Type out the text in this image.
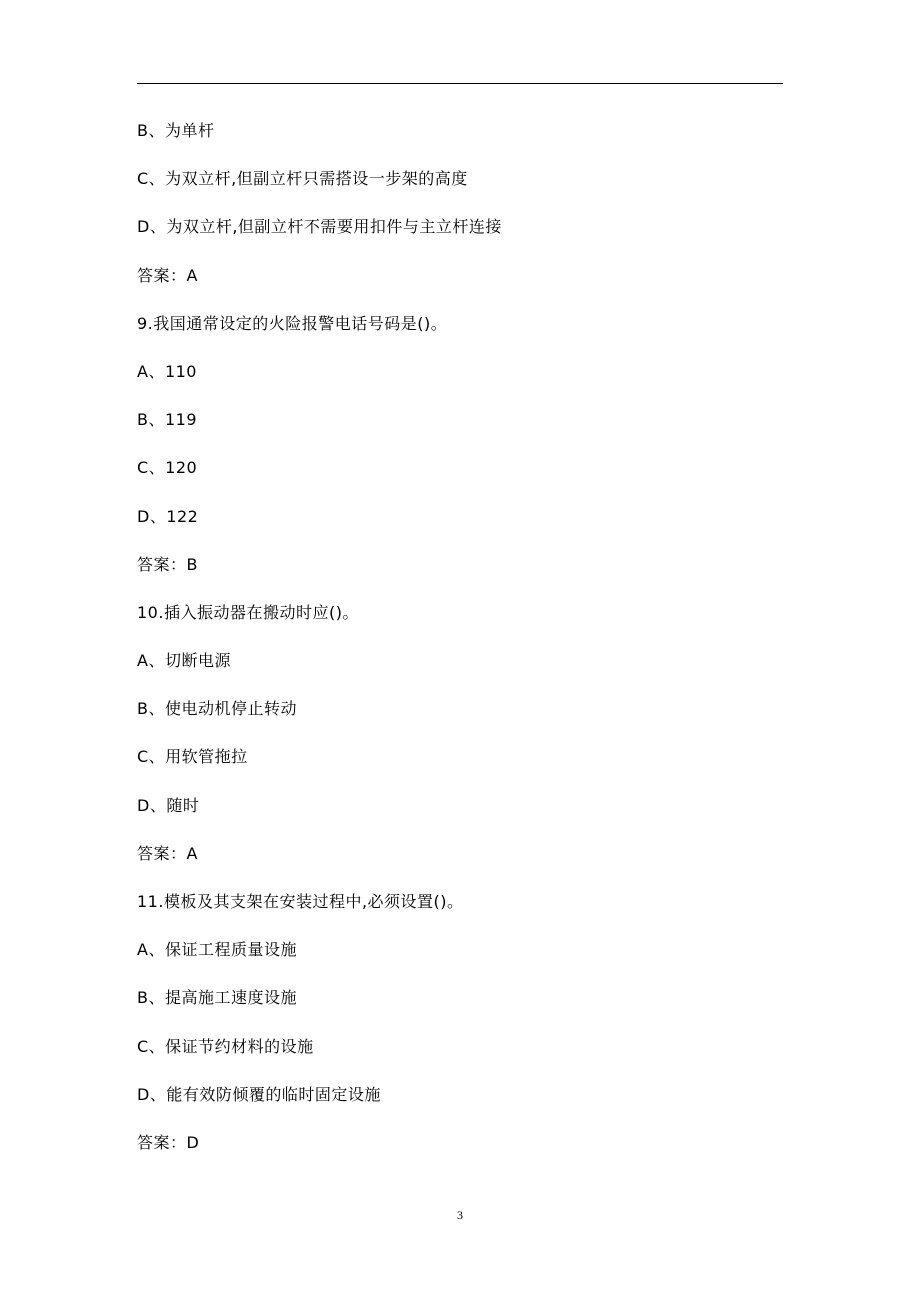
B、为单杆
C、为双立杆,但副立杆只需搭设一步架的高度
D、为双立杆,但副立杆不需要用扣件与主立杆连接
答案：A
9.我国通常设定的火险报警电话号码是()。
A、110
B、119
C、120
D、122
答案：B
10.插入振动器在搬动时应()。
A、切断电源
B、使电动机停止转动
C、用软管拖拉
D、随时
答案：A
11.模板及其支架在安装过程中,必须设置()。
A、保证工程质量设施
B、提高施工速度设施
C、保证节约材料的设施
D、能有效防倾覆的临时固定设施
答案：D
3
